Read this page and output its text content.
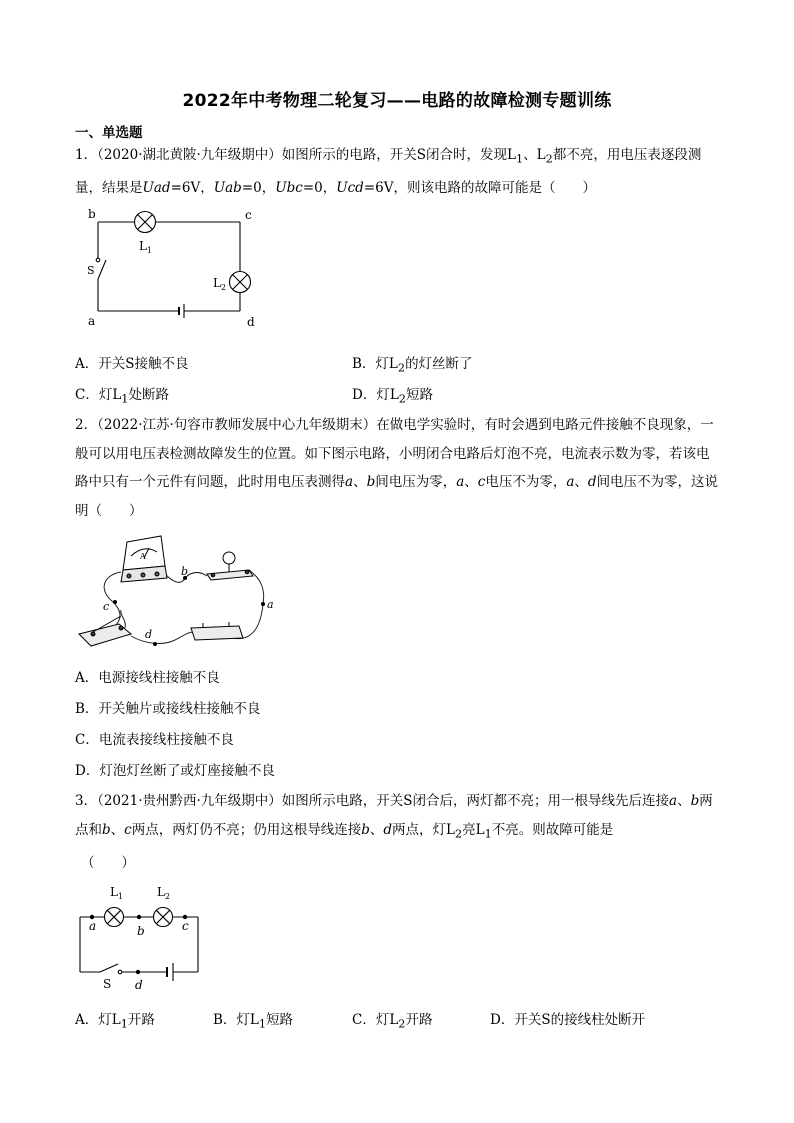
2022年中考物理二轮复习——电路的故障检测专题训练
一、单选题
1．（2020·湖北黄陂·九年级期中）如图所示的电路，开关S闭合时，发现$L_1$、$L_2$都不亮，用电压表逐段测量，结果是Uad=6V，Uab=0，Ubc=0，Ucd=6V，则该电路的故障可能是（　　）
b	c
a	d
S
$L_1$
$L_2$
A．开关S接触不良	B．灯$L_2$的灯丝断了
C．灯$L_1$处断路	D．灯$L_2$短路
2．（2022·江苏·句容市教师发展中心九年级期末）在做电学实验时，有时会遇到电路元件接触不良现象，一般可以用电压表检测故障发生的位置。如下图示电路，小明闭合电路后灯泡不亮，电流表示数为零，若该电路中只有一个元件有问题，此时用电压表测得a、b间电压为零，a、c电压不为零，a、d间电压不为零，这说明（　　）
A
b
a
c
d
A．电源接线柱接触不良
B．开关触片或接线柱接触不良
C．电流表接线柱接触不良
D．灯泡灯丝断了或灯座接触不良
3．（2021·贵州黔西·九年级期中）如图所示电路，开关S闭合后，两灯都不亮；用一根导线先后连接a、b两点和b、c两点，两灯仍不亮；仍用这根导线连接b、d两点，灯$L_2$亮$L_1$不亮。则故障可能是
（　　）
a	b	c
d
S
$L_1$	$L_2$
A．灯$L_1$开路	B．灯$L_1$短路	C．灯$L_2$开路	D．开关S的接线柱处断开
